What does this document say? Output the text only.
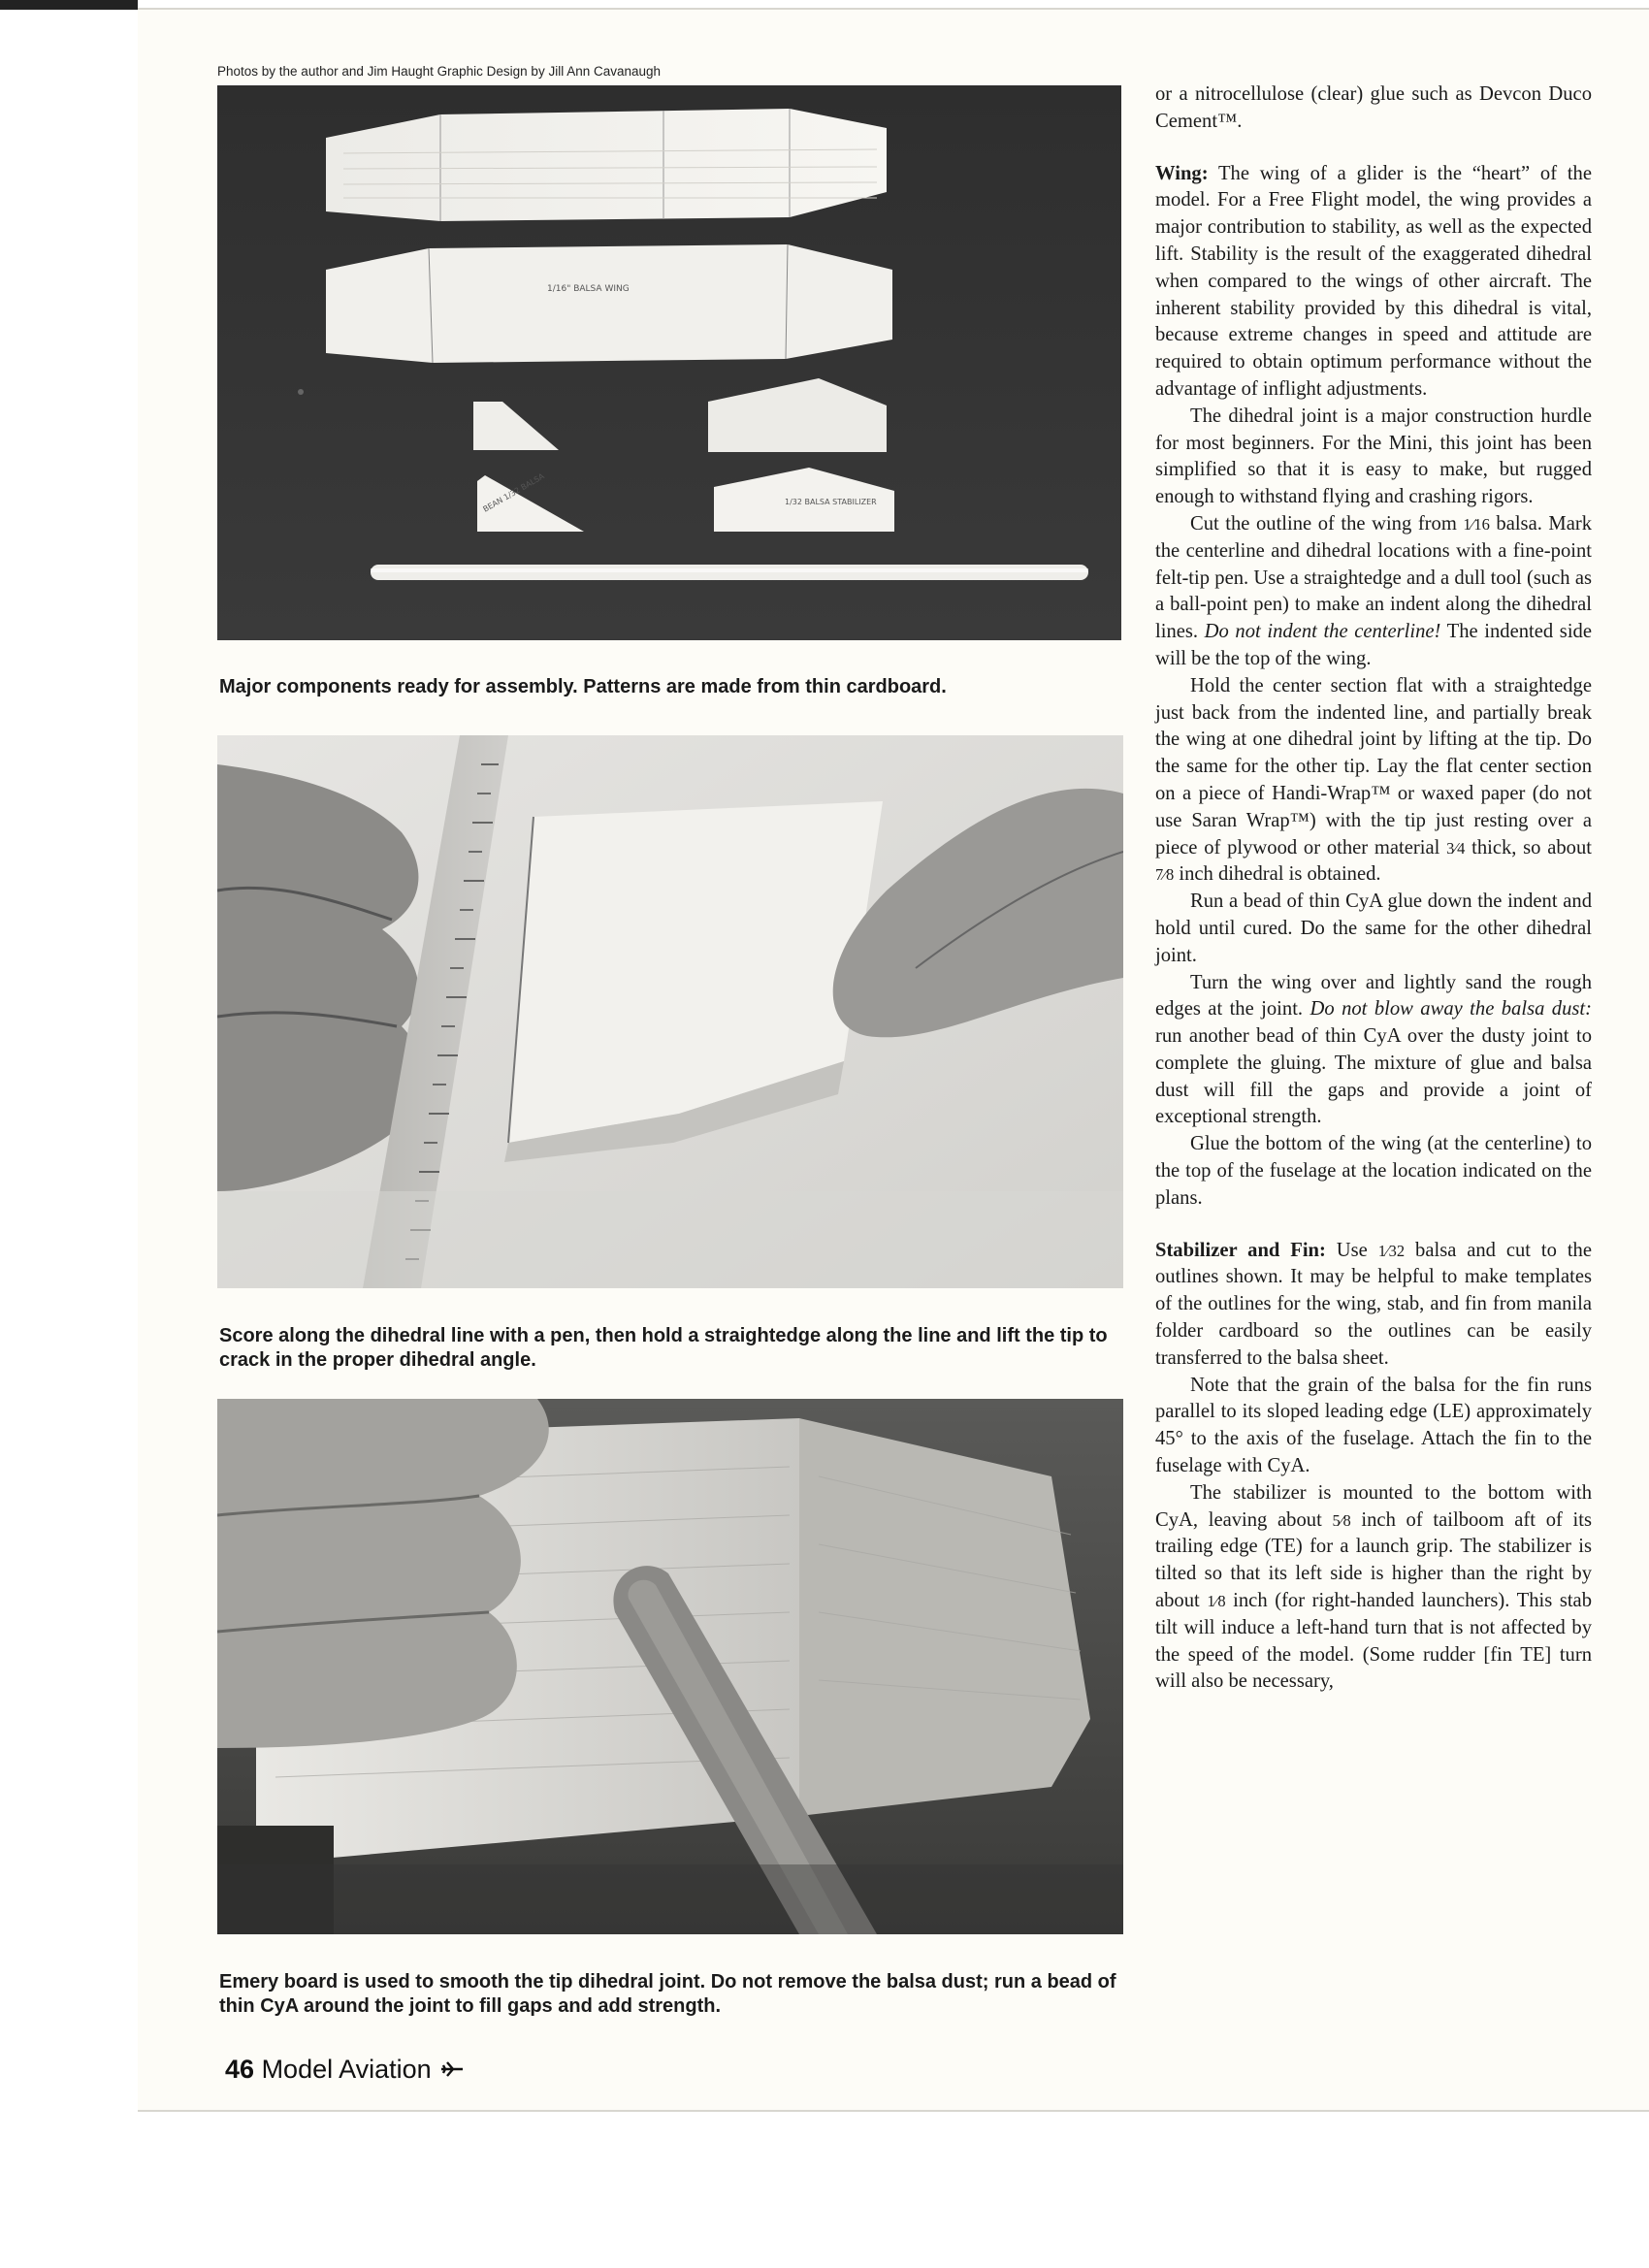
Photos by the author and Jim Haught Graphic Design by Jill Ann Cavanaugh
1/16" BALSA WING
BEAN 1/32 BALSA	1/32 BALSA STABILIZER
Major components ready for assembly. Patterns are made from thin cardboard.
Score along the dihedral line with a pen, then hold a straightedge along the line and lift the tip to crack in the proper dihedral angle.
Emery board is used to smooth the tip dihedral joint. Do not remove the balsa dust; run a bead of thin CyA around the joint to fill gaps and add strength.
46 Model Aviation

or a nitrocellulose (clear) glue such as Devcon Duco Cement™.

Wing: The wing of a glider is the “heart” of the model. For a Free Flight model, the wing provides a major contribution to stability, as well as the expected lift. Stability is the result of the exaggerated dihedral when compared to the wings of other aircraft. The inherent stability provided by this dihedral is vital, because extreme changes in speed and attitude are required to obtain optimum performance without the advantage of inflight adjustments.

The dihedral joint is a major construction hurdle for most beginners. For the Mini, this joint has been simplified so that it is easy to make, but rugged enough to withstand flying and crashing rigors.

Cut the outline of the wing from 1⁄16 balsa. Mark the centerline and dihedral locations with a fine-point felt-tip pen. Use a straightedge and a dull tool (such as a ball-point pen) to make an indent along the dihedral lines. Do not indent the centerline! The indented side will be the top of the wing.

Hold the center section flat with a straightedge just back from the indented line, and partially break the wing at one dihedral joint by lifting at the tip. Do the same for the other tip. Lay the flat center section on a piece of Handi-Wrap™ or waxed paper (do not use Saran Wrap™) with the tip just resting over a piece of plywood or other material 3⁄4 thick, so about 7⁄8 inch dihedral is obtained.

Run a bead of thin CyA glue down the indent and hold until cured. Do the same for the other dihedral joint.

Turn the wing over and lightly sand the rough edges at the joint. Do not blow away the balsa dust: run another bead of thin CyA over the dusty joint to complete the gluing. The mixture of glue and balsa dust will fill the gaps and provide a joint of exceptional strength.

Glue the bottom of the wing (at the centerline) to the top of the fuselage at the location indicated on the plans.

Stabilizer and Fin: Use 1⁄32 balsa and cut to the outlines shown. It may be helpful to make templates of the outlines for the wing, stab, and fin from manila folder cardboard so the outlines can be easily transferred to the balsa sheet.

Note that the grain of the balsa for the fin runs parallel to its sloped leading edge (LE) approximately 45° to the axis of the fuselage. Attach the fin to the fuselage with CyA.

The stabilizer is mounted to the bottom with CyA, leaving about 5⁄8 inch of tailboom aft of its trailing edge (TE) for a launch grip. The stabilizer is tilted so that its left side is higher than the right by about 1⁄8 inch (for right-handed launchers). This stab tilt will induce a left-hand turn that is not affected by the speed of the model. (Some rudder [fin TE] turn will also be necessary,
